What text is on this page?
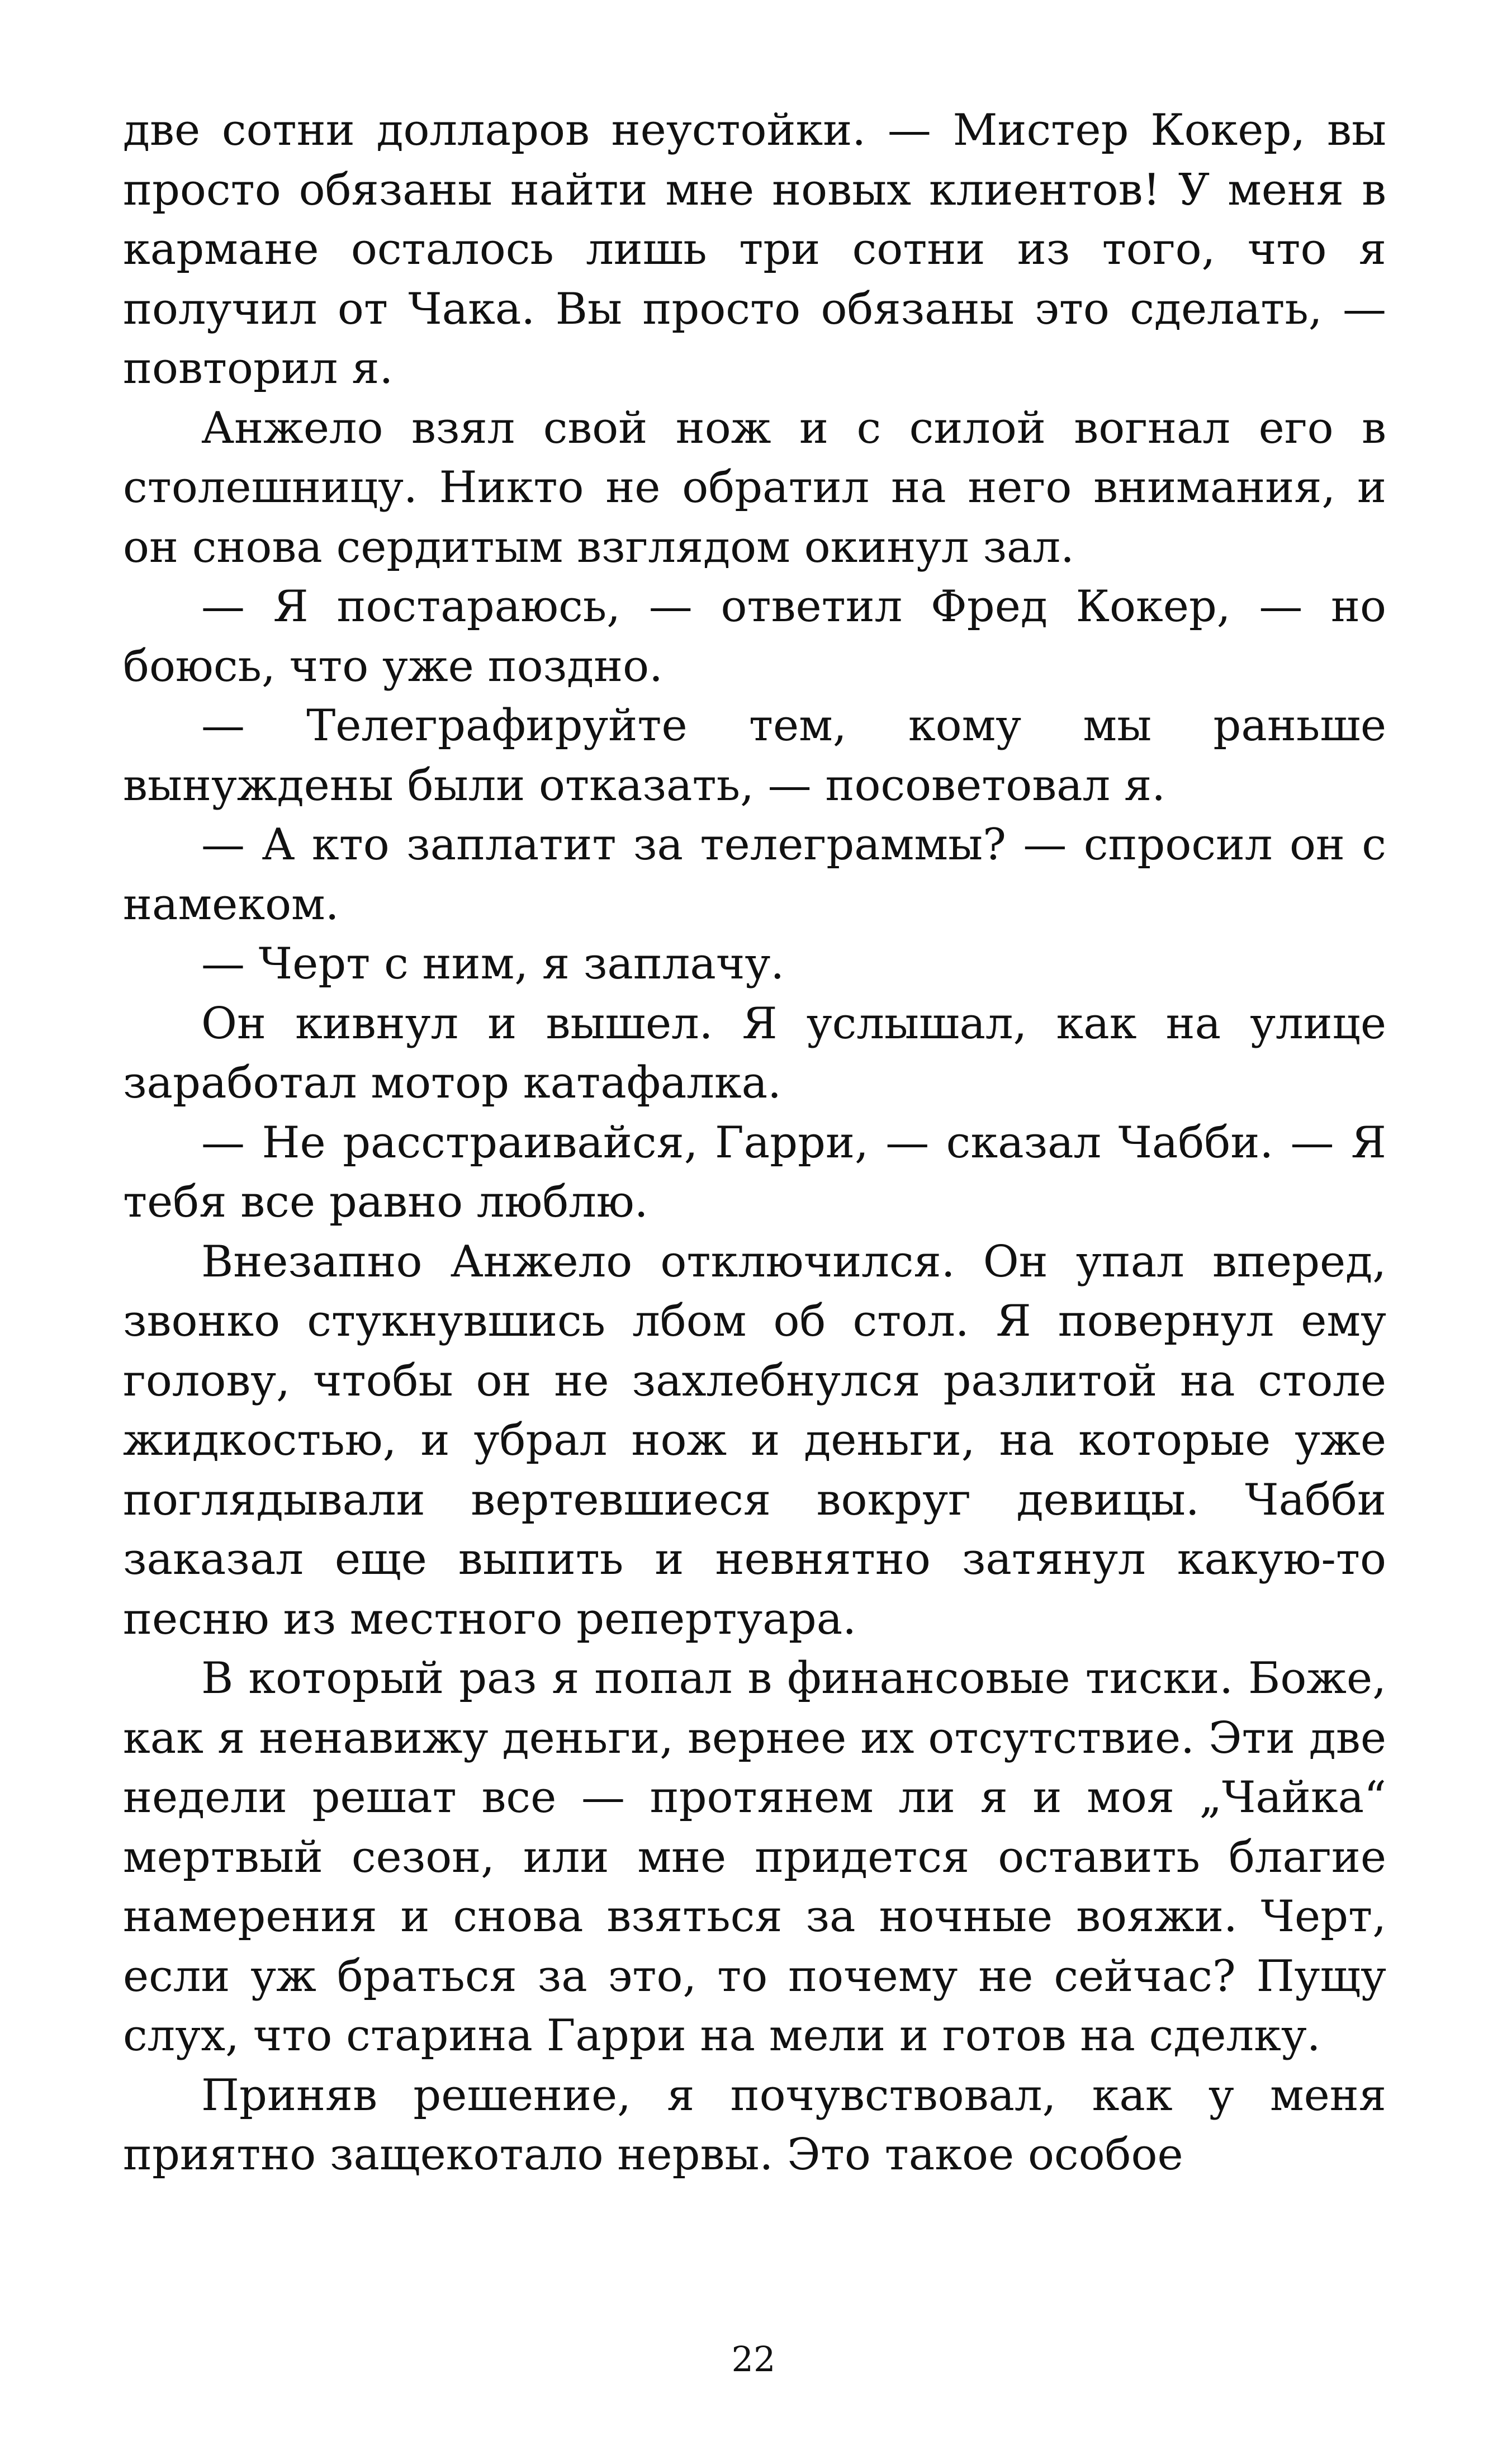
две сотни долларов неустойки. — Мистер Кокер, вы просто обязаны найти мне новых клиентов! У меня в кармане осталось лишь три сотни из того, что я получил от Чака. Вы просто обязаны это сделать, — повторил я.

Анжело взял свой нож и с силой вогнал его в столешницу. Никто не обратил на него внимания, и он снова сердитым взглядом окинул зал.

— Я постараюсь, — ответил Фред Кокер, — но боюсь, что уже поздно.

— Телеграфируйте тем, кому мы раньше вынуждены были отказать, — посоветовал я.

— А кто заплатит за телеграммы? — спросил он с намеком.

— Черт с ним, я заплачу.

Он кивнул и вышел. Я услышал, как на улице заработал мотор катафалка.

— Не расстраивайся, Гарри, — сказал Чабби. — Я тебя все равно люблю.

Внезапно Анжело отключился. Он упал вперед, звонко стукнувшись лбом об стол. Я повернул ему голову, чтобы он не захлебнулся разлитой на столе жидкостью, и убрал нож и деньги, на которые уже поглядывали вертевшиеся вокруг девицы. Чабби заказал еще выпить и невнятно затянул какую-то песню из местного репертуара.

В который раз я попал в финансовые тиски. Боже, как я ненавижу деньги, вернее их отсутствие. Эти две недели решат все — протянем ли я и моя „Чайка“ мертвый сезон, или мне придется оставить благие намерения и снова взяться за ночные вояжи. Черт, если уж браться за это, то почему не сейчас? Пущу слух, что старина Гарри на мели и готов на сделку.

Приняв решение, я почувствовал, как у меня приятно защекотало нервы. Это такое особое

22
